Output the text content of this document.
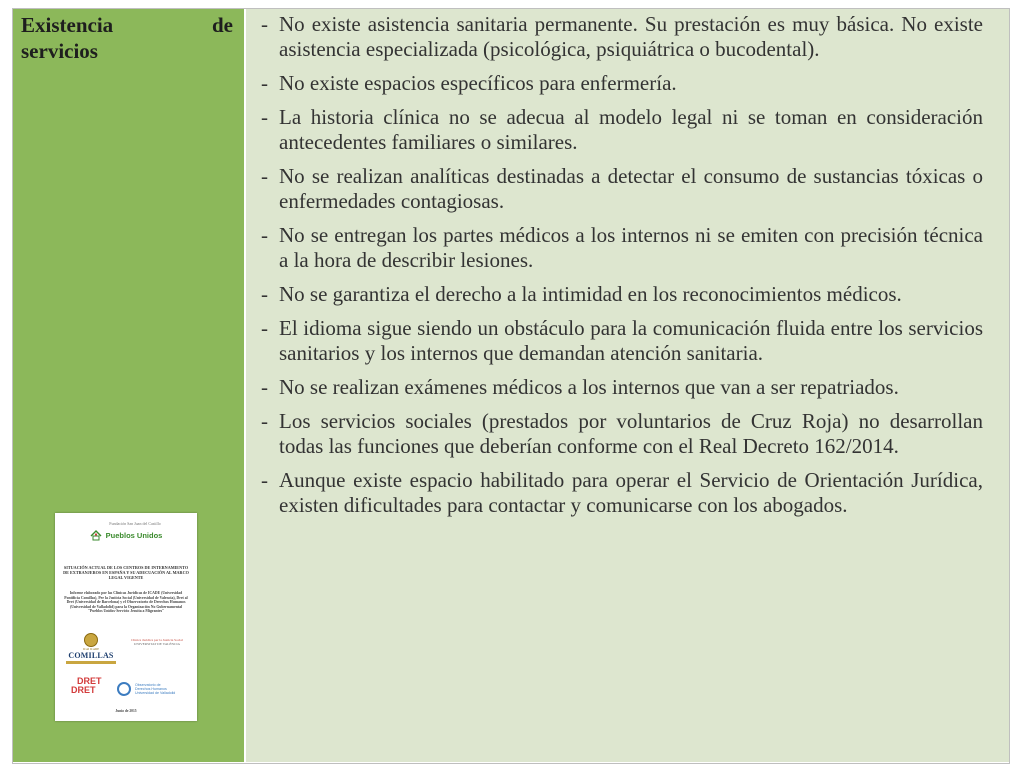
Existencia	de
servicios
- No existe asistencia sanitaria permanente. Su prestación es muy básica. No existe asistencia especializada (psicológica, psiquiátrica o bucodental).
- No existe espacios específicos para enfermería.
- La historia clínica no se adecua al modelo legal ni se toman en consideración antecedentes familiares o similares.
- No se realizan analíticas destinadas a detectar el consumo de sustancias tóxicas o enfermedades contagiosas.
- No se entregan los partes médicos a los internos ni se emiten con precisión técnica a la hora de describir lesiones.
- No se garantiza el derecho a la intimidad en los reconocimientos médicos.
- El idioma sigue siendo un obstáculo para la comunicación fluida entre los servicios sanitarios y los internos que demandan atención sanitaria.
- No se realizan exámenes médicos a los internos que van a ser repatriados.
- Los servicios sociales (prestados por voluntarios de Cruz Roja) no desarrollan todas las funciones que deberían conforme con el Real Decreto 162/2014.
- Aunque existe espacio habilitado para operar el Servicio de Orientación Jurídica, existen dificultades para contactar y comunicarse con los abogados.
Fundación San Juan del Castillo
Pueblos Unidos
SITUACIÓN ACTUAL DE LOS CENTROS DE INTERNAMIENTO DE EXTRANJEROS EN ESPAÑA Y SU ADECUACIÓN AL MARCO LEGAL VIGENTE
Informe elaborado por las Clínicas Jurídicas de ICADE (Universidad Pontificia Comillas), Per la Justicia Social (Universidad de Valencia), Dret al Dret (Universidad de Barcelona) y el Observatorio de Derechos Humanos (Universidad de Valladolid) para la Organización No Gubernamental "Pueblos Unidos-Servicio Jesuita a Migrantes"
ICAI ICADE
COMILLAS
Clínica Jurídica per la Justícia Social
UNIVERSITAT DE VALÈNCIA
DRET
DRET	Observatorio de
Derechos Humanos
Universidad de Valladolid
Junio de 2015
